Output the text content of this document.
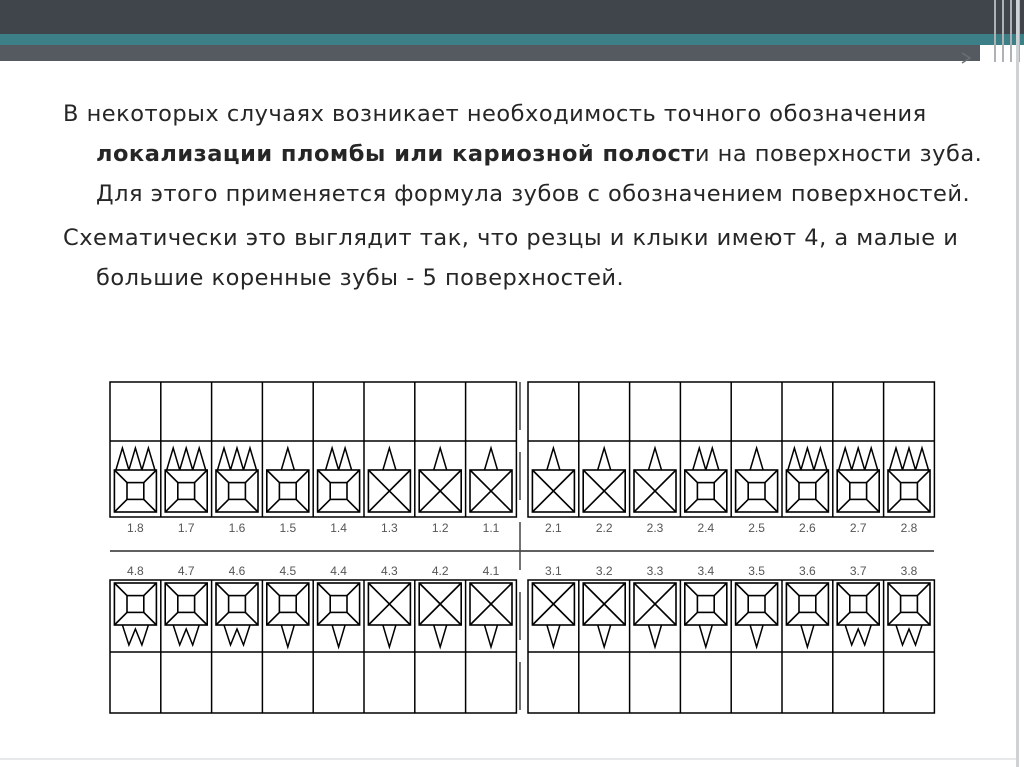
В некоторых случаях возникает необходимость точного обозначения локализации пломбы или кариозной полости на поверхности зуба. Для этого применяется формула зубов с обозначением поверхностей.

Схематически это выглядит так, что резцы и клыки имеют 4, а малые и большие коренные зубы - 5 поверхностей.

1.8
4.8
1.7
4.7
1.6
4.6
1.5
4.5
1.4
4.4
1.3
4.3
1.2
4.2
1.1
4.1
2.1
3.1
2.2
3.2
2.3
3.3
2.4
3.4
2.5
3.5
2.6
3.6
2.7
3.7
2.8
3.8
